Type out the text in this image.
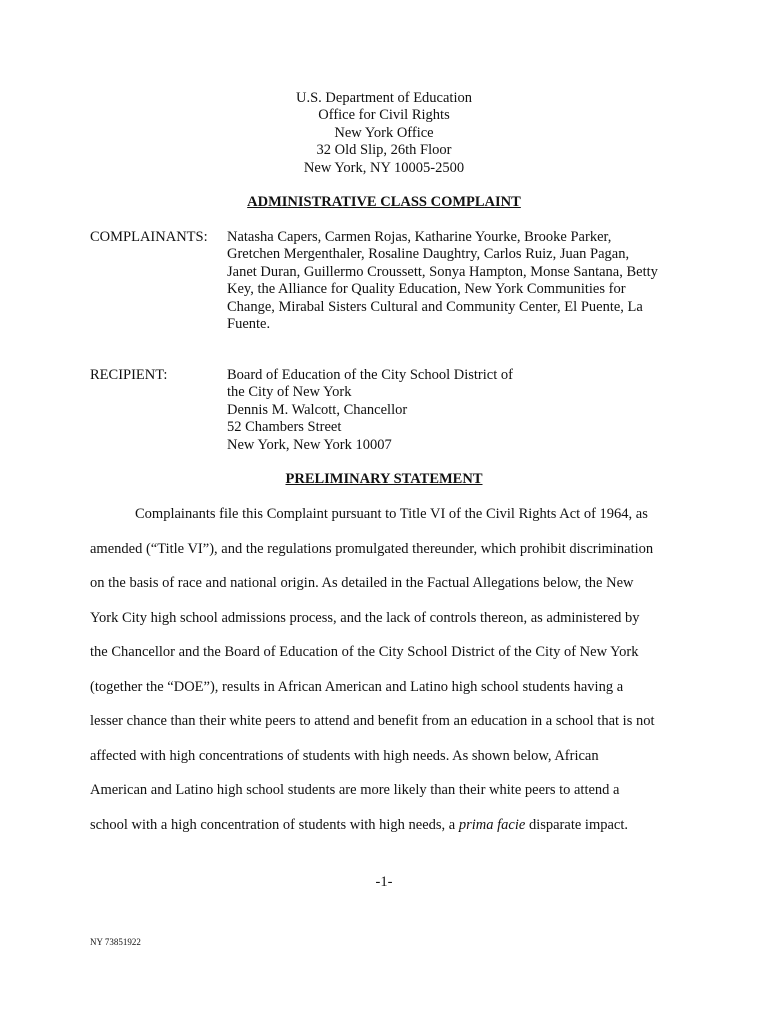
U.S. Department of Education
Office for Civil Rights
New York Office
32 Old Slip, 26th Floor
New York, NY 10005-2500
ADMINISTRATIVE CLASS COMPLAINT
COMPLAINANTS: Natasha Capers, Carmen Rojas, Katharine Yourke, Brooke Parker,
Gretchen Mergenthaler, Rosaline Daughtry, Carlos Ruiz, Juan Pagan,
Janet Duran, Guillermo Croussett, Sonya Hampton, Monse Santana, Betty
Key, the Alliance for Quality Education, New York Communities for
Change, Mirabal Sisters Cultural and Community Center, El Puente, La
Fuente.
RECIPIENT:	Board of Education of the City School District of
the City of New York
Dennis M. Walcott, Chancellor
52 Chambers Street
New York, New York 10007
PRELIMINARY STATEMENT
Complainants file this Complaint pursuant to Title VI of the Civil Rights Act of 1964, as
amended (“Title VI”), and the regulations promulgated thereunder, which prohibit discrimination
on the basis of race and national origin. As detailed in the Factual Allegations below, the New
York City high school admissions process, and the lack of controls thereon, as administered by
the Chancellor and the Board of Education of the City School District of the City of New York
(together the “DOE”), results in African American and Latino high school students having a
lesser chance than their white peers to attend and benefit from an education in a school that is not
affected with high concentrations of students with high needs. As shown below, African
American and Latino high school students are more likely than their white peers to attend a
school with a high concentration of students with high needs, a prima facie disparate impact.
-1-
NY 73851922
